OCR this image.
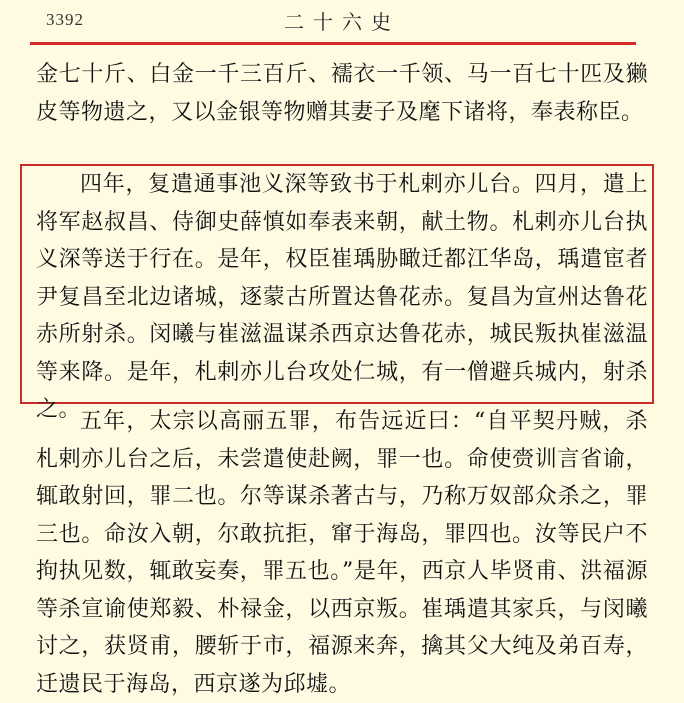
3392	二十六史

金七十斤、白金一千三百斤、襦衣一千领、马一百七十匹及獭皮等物遗之，又以金银等物赠其妻子及麾下诸将，奉表称臣。

四年，复遣通事池义深等致书于札剌亦儿台。四月，遣上将军赵叔昌、侍御史薛慎如奉表来朝，献土物。札剌亦儿台执义深等送于行在。是年，权臣崔瑀胁瞰迁都江华岛，瑀遣宦者尹复昌至北边诸城，逐蒙古所置达鲁花赤。复昌为宣州达鲁花赤所射杀。闵曦与崔滋温谋杀西京达鲁花赤，城民叛执崔滋温等来降。是年，札剌亦儿台攻处仁城，有一僧避兵城内，射杀之。

五年，太宗以高丽五罪，布告远近曰：“自平契丹贼，杀札剌亦儿台之后，未尝遣使赴阙，罪一也。命使赍训言省谕，辄敢射回，罪二也。尔等谋杀著古与，乃称万奴部众杀之，罪三也。命汝入朝，尔敢抗拒，窜于海岛，罪四也。汝等民户不拘执见数，辄敢妄奏，罪五也。”是年，西京人毕贤甫、洪福源等杀宣谕使郑毅、朴禄金，以西京叛。崔瑀遣其家兵，与闵曦讨之，获贤甫，腰斩于市，福源来奔，擒其父大纯及弟百寿，迁遗民于海岛，西京遂为邱墟。
